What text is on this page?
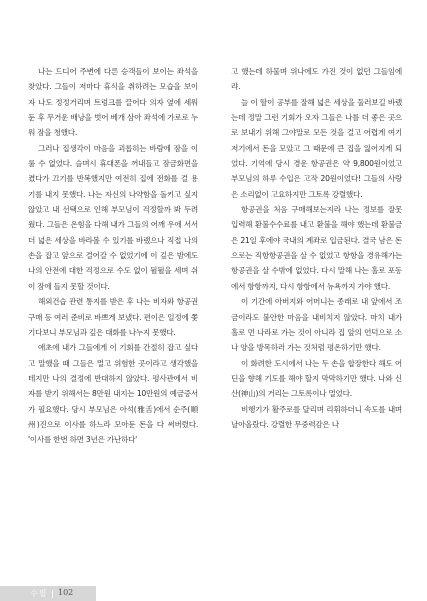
나는 드디어 주변에 다른 승객들이 보이는 좌석을 찾았다. 그들이 저마다 휴식을 취하려는 모습을 보이자 나도 정정거리며 트렁크를 끌어다 의자 옆에 세워둔 후 무거운 배낭을 벗어 베개 삼아 좌석에 가로로 누워 잠을 청했다.

그러나 집생각이 마음을 괴롭히는 바람에 잠을 이룰 수 없었다. 슬며시 휴대폰을 꺼내들고 잠금화면을 켰다가 끄기를 반복했지만 여전히 집에 전화를 걸 용기를 내지 못했다. 나는 자신의 나약함을 돌키고 싶지 않았고 내 선택으로 인해 부모님이 걱정할까 봐 두려웠다. 그들은 온힘을 다해 내가 그들의 어깨 우에 서서 더 넓은 세상을 바라볼 수 있기를 바랬으나 직접 나의 손을 잡고 앞으로 걸어갈 수 없었기에 이 깊은 밤에도 나의 안전에 대한 걱정으로 수도 없이 뒬뒬을 세며 쉬이 잠에 들지 못할 것이다.

해외건습 관련 통지를 받은 후 나는 비자와 항공권 구매 등 여러 준비로 바쁘게 보냈다. 편이은 일정에 쫓기다보니 부모님과 깊은 대화를 나누지 못했다.

애초에 내가 그들에게 이 기회를 간절히 잡고 싶다고 말했을 때 그들은 멀고 위험한 곳이라고 생각했을 테지만 나의 결정에 반대하지 않았다. 평사관에서 비자를 받기 위해서는 8만원 내지는 10만원의 예금증서가 필요했다. 당시 부모님은 아석(雅舌)에서 순주(順州)진으로 이사를 하느라 모아둔 돈을 다 써버렸다. '이사를 한번 하면 3년은 가난하다'

고 했는데 하물며 위나에도 가진 것이 없던 그들임에랴.

늘 이 딸이 공부를 잘해 넓은 세상을 둘러보길 바랬는데 정말 그런 기회가 오자 그들은 나를 더 좋은 곳으로 보내기 위해 그야말로 모든 것을 걸고 어렵게 여기저기에서 돈을 모았고 그 때문에 큰 집을 잃어지게 되었다. 기억에 당시 경운 항공권은 약 9,800원이었고 부모님의 하루 수입은 고작 20원이었다! 그들의 사랑은 소리없이 고요하지만 그토록 강렬했다.

항공권을 처음 구매해보는지라 나는 정보를 잘못 입력해 환불수수료를 내고 환불을 해야 했는데 환불금은 21일 후에야 국내의 계좌로 입금된다. 결국 남은 돈으로는 직항항공권을 살 수 없었고 항항을 경유해가는 항공권을 살 수밖에 없었다. 다시 말해 나는 홀로 포동에서 항항까지, 다시 항항에서 뉴욕까지 가야 했다.

이 기간에 아버지와 어머니는 종래로 내 앞에서 조금이라도 불안한 마음을 내비치지 않았다. 마치 내가 홀로 먼 나라로 가는 것이 아니라 집 앞의 언덕으로 소나 양을 방목하러 가는 것처럼 평온하기만 했다.

이 화려한 도시에서 나는 두 손을 합장한다 해도 어딘을 향해 기도를 해야 할지 막막하기만 했다. 나와 신산(神山)의 거리는 그토록이나 멀었다.

비행기가 활주로를 달리며 리휘하더니 속도를 내며 날아올랐다. 강렬한 무중력감은 나

수필 102
